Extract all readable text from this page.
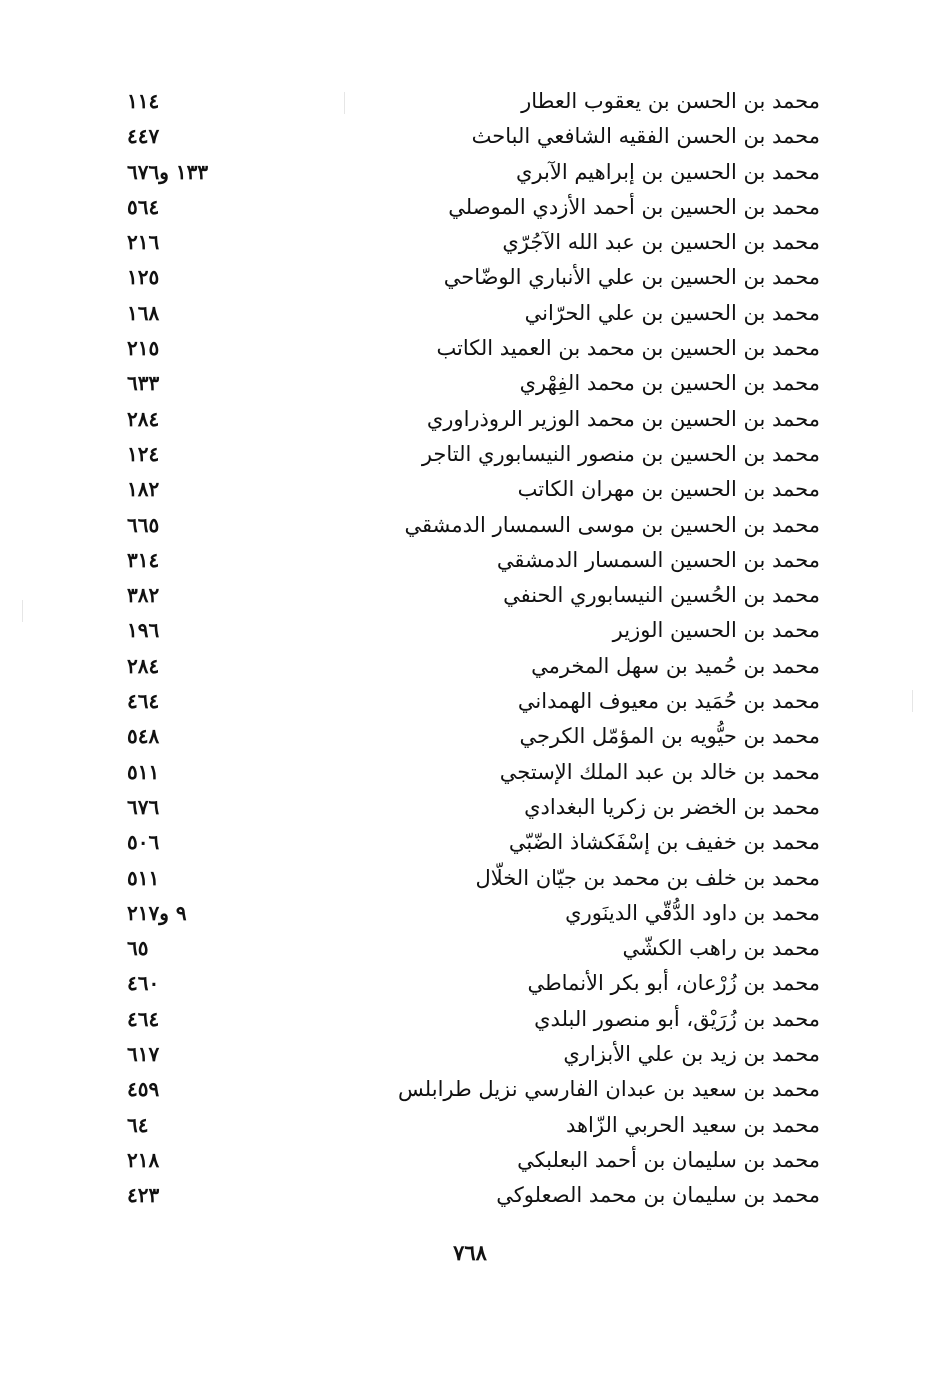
محمد بن الحسن بن يعقوب العطار
١١٤
محمد بن الحسن الفقيه الشافعي الباحث
٤٤٧
محمد بن الحسين بن إبراهيم الآبري
١٣٣ و٦٧٦
محمد بن الحسين بن أحمد الأزدي الموصلي
٥٦٤
محمد بن الحسين بن عبد الله الآجُرّي
٢١٦
محمد بن الحسين بن علي الأنباري الوضّاحي
١٢٥
محمد بن الحسين بن علي الحرّاني
١٦٨
محمد بن الحسين بن محمد بن العميد الكاتب
٢١٥
محمد بن الحسين بن محمد الفِهْري
٦٣٣
محمد بن الحسين بن محمد الوزير الروذراوري
٢٨٤
محمد بن الحسين بن منصور النيسابوري التاجر
١٢٤
محمد بن الحسين بن مهران الكاتب
١٨٢
محمد بن الحسين بن موسى السمسار الدمشقي
٦٦٥
محمد بن الحسين السمسار الدمشقي
٣١٤
محمد بن الحُسين النيسابوري الحنفي
٣٨٢
محمد بن الحسين الوزير
١٩٦
محمد بن حُميد بن سهل المخرمي
٢٨٤
محمد بن حُمَيد بن معيوف الهمداني
٤٦٤
محمد بن حيُّويه بن المؤمّل الكرجي
٥٤٨
محمد بن خالد بن عبد الملك الإستجي
٥١١
محمد بن الخضر بن زكريا البغدادي
٦٧٦
محمد بن خفيف بن إسْفَكشاذ الضّبّي
٥٠٦
محمد بن خلف بن محمد بن جيّان الخلّال
٥١١
محمد بن داود الدُّقّي الدينَوري
٩ و٢١٧
محمد بن راهب الكشّي
٦٥
محمد بن زُرْعان، أبو بكر الأنماطي
٤٦٠
محمد بن زُرَيْق، أبو منصور البلدي
٤٦٤
محمد بن زيد بن علي الأبزاري
٦١٧
محمد بن سعيد بن عبدان الفارسي نزيل طرابلس
٤٥٩
محمد بن سعيد الحربي الزّاهد
٦٤
محمد بن سليمان بن أحمد البعلبكي
٢١٨
محمد بن سليمان بن محمد الصعلوكي
٤٢٣
٧٦٨
